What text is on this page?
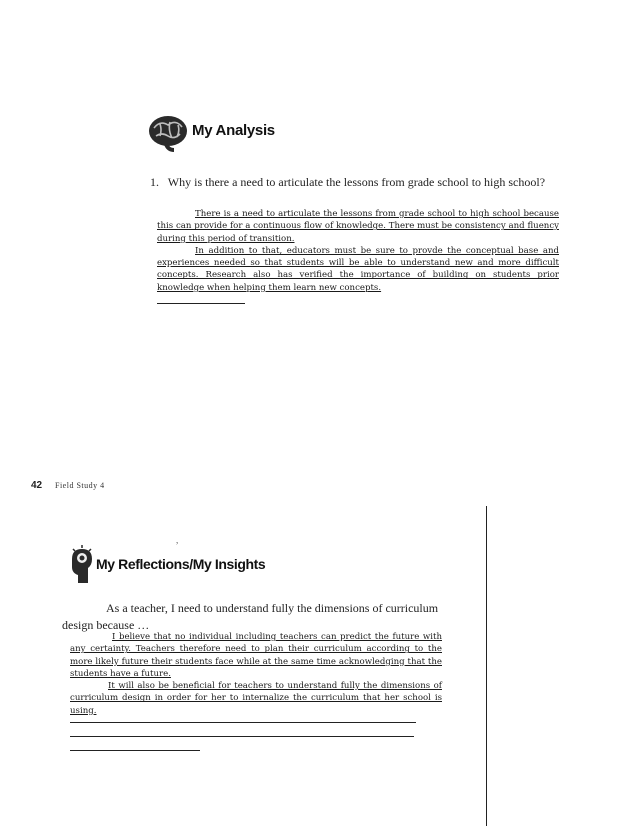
My Analysis
1. Why is there a need to articulate the lessons from grade school to high school?
There is a need to articulate the lessons from grade school to high school because this can provide for a continuous flow of knowledge. There must be consistency and fluency during this period of transition.
In addition to that, educators must be sure to provde the conceptual base and experiences needed so that students will be able to understand new and more difficult concepts. Research also has verified the importance of building on students prior knowledge when helping them learn new concepts.
42 Field Study 4
,
My Reflections/My Insights
As a teacher, I need to understand fully the dimensions of curriculum design because …
I believe that no individual including teachers can predict the future with any certainty. Teachers therefore need to plan their curriculum according to the more likely future their students face while at the same time acknowledging that the students have a future.
It will also be beneficial for teachers to understand fully the dimensions of curriculum design in order for her to internalize the curriculum that her school is using.
